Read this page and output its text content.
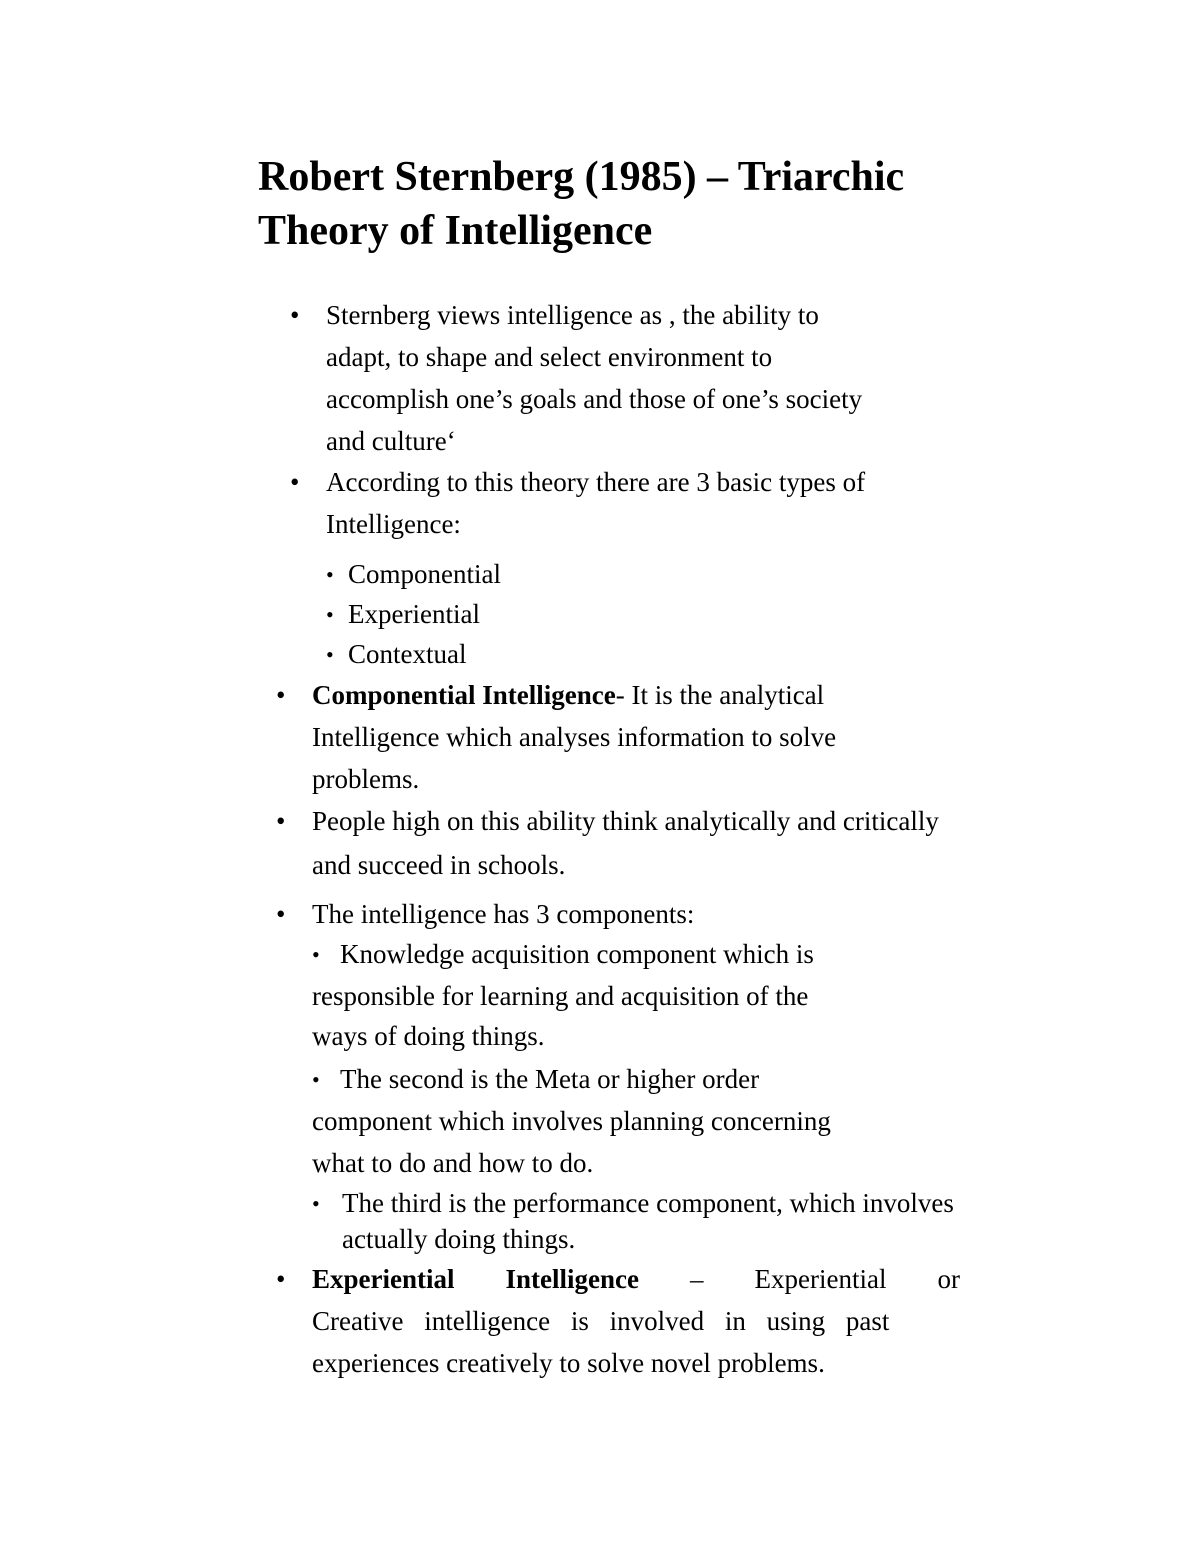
Robert Sternberg (1985) – Triarchic
Theory of Intelligence
• Sternberg views intelligence as , the ability to
adapt, to shape and select environment to
accomplish one’s goals and those of one’s society
and culture‘
• According to this theory there are 3 basic types of
Intelligence:
• Componential
• Experiential
• Contextual
• Componential Intelligence- It is the analytical
Intelligence which analyses information to solve
problems.
• People high on this ability think analytically and critically
and succeed in schools.
• The intelligence has 3 components:
• Knowledge acquisition component which is
responsible for learning and acquisition of the
ways of doing things.
• The second is the Meta or higher order
component which involves planning concerning
what to do and how to do.
• The third is the performance component, which involves
actually doing things.
• Experiential Intelligence – Experiential or
Creative intelligence is involved in using past
experiences creatively to solve novel problems.
